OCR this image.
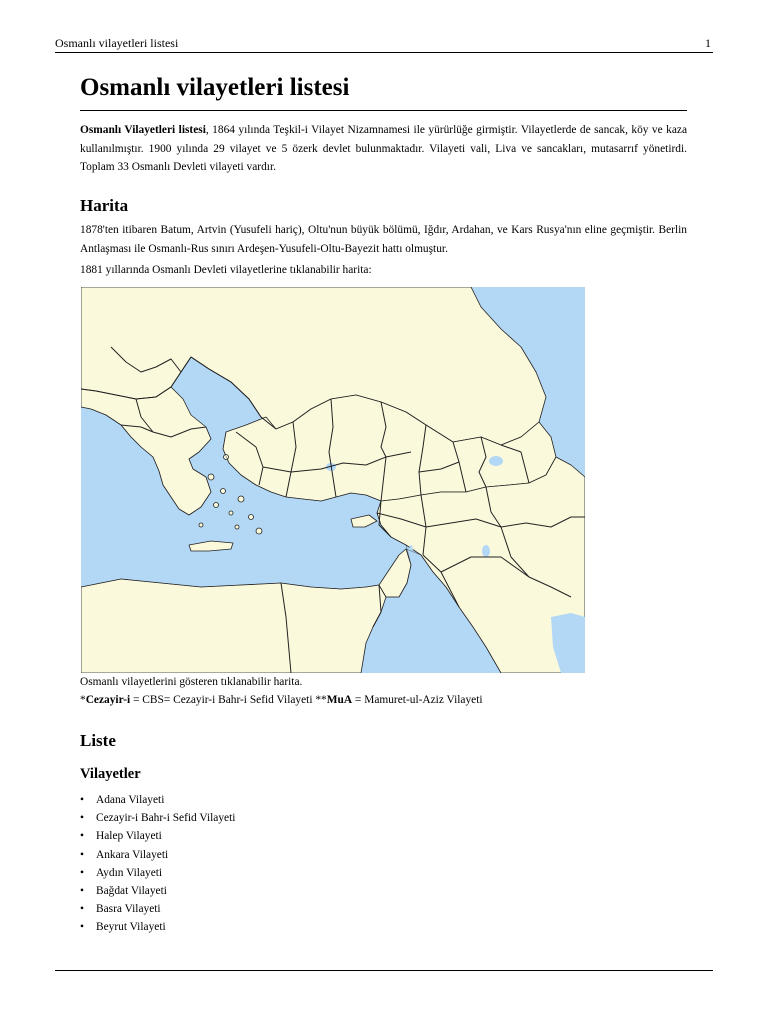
Osmanlı vilayetleri listesi	1
Osmanlı vilayetleri listesi

Osmanlı Vilayetleri listesi, 1864 yılında Teşkil-i Vilayet Nizamnamesi ile yürürlüğe girmiştir. Vilayetlerde de sancak, köy ve kaza kullanılmıştır. 1900 yılında 29 vilayet ve 5 özerk devlet bulunmaktadır. Vilayeti vali, Liva ve sancakları, mutasarrıf yönetirdi. Toplam 33 Osmanlı Devleti vilayeti vardır.

Harita

1878'ten itibaren Batum, Artvin (Yusufeli hariç), Oltu'nun büyük bölümü, Iğdır, Ardahan, ve Kars Rusya'nın eline geçmiştir. Berlin Antlaşması ile Osmanlı-Rus sınırı Ardeşen-Yusufeli-Oltu-Bayezit hattı olmuştur.

1881 yıllarında Osmanlı Devleti vilayetlerine tıklanabilir harita:

Osmanlı vilayetlerini gösteren tıklanabilir harita.

*Cezayir-i = CBS= Cezayir-i Bahr-i Sefid Vilayeti **MuA = Mamuret-ul-Aziz Vilayeti

Liste
Vilayetler
• Adana Vilayeti
• Cezayir-i Bahr-i Sefid Vilayeti
• Halep Vilayeti
• Ankara Vilayeti
• Aydın Vilayeti
• Bağdat Vilayeti
• Basra Vilayeti
• Beyrut Vilayeti
